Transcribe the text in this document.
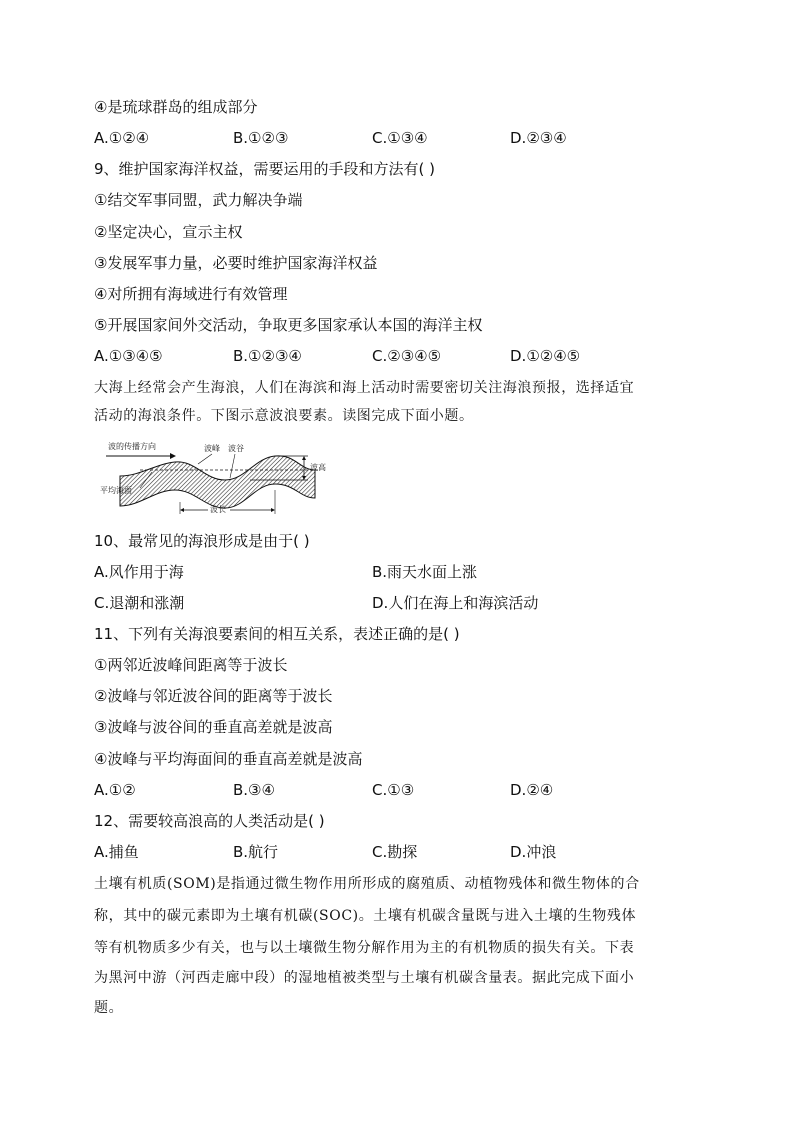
④是琉球群岛的组成部分
A.①②④	B.①②③	C.①③④	D.②③④
9、维护国家海洋权益，需要运用的手段和方法有( )
①结交军事同盟，武力解决争端
②坚定决心，宣示主权
③发展军事力量，必要时维护国家海洋权益
④对所拥有海域进行有效管理
⑤开展国家间外交活动，争取更多国家承认本国的海洋主权
A.①③④⑤	B.①②③④	C.②③④⑤	D.①②④⑤
大海上经常会产生海浪，人们在海滨和海上活动时需要密切关注海浪预报，选择适宜
活动的海浪条件。下图示意波浪要素。读图完成下面小题。
波的传播方向	波峰 波谷
波高
平均海面
波长
10、最常见的海浪形成是由于( )
A.风作用于海	B.雨天水面上涨
C.退潮和涨潮	D.人们在海上和海滨活动
11、下列有关海浪要素间的相互关系，表述正确的是( )
①两邻近波峰间距离等于波长
②波峰与邻近波谷间的距离等于波长
③波峰与波谷间的垂直高差就是波高
④波峰与平均海面间的垂直高差就是波高
A.①②	B.③④	C.①③	D.②④
12、需要较高浪高的人类活动是( )
A.捕鱼	B.航行	C.勘探	D.冲浪
土壤有机质(SOM)是指通过微生物作用所形成的腐殖质、动植物残体和微生物体的合
称，其中的碳元素即为土壤有机碳(SOC)。土壤有机碳含量既与进入土壤的生物残体
等有机物质多少有关，也与以土壤微生物分解作用为主的有机物质的损失有关。下表
为黑河中游（河西走廊中段）的湿地植被类型与土壤有机碳含量表。据此完成下面小
题。
